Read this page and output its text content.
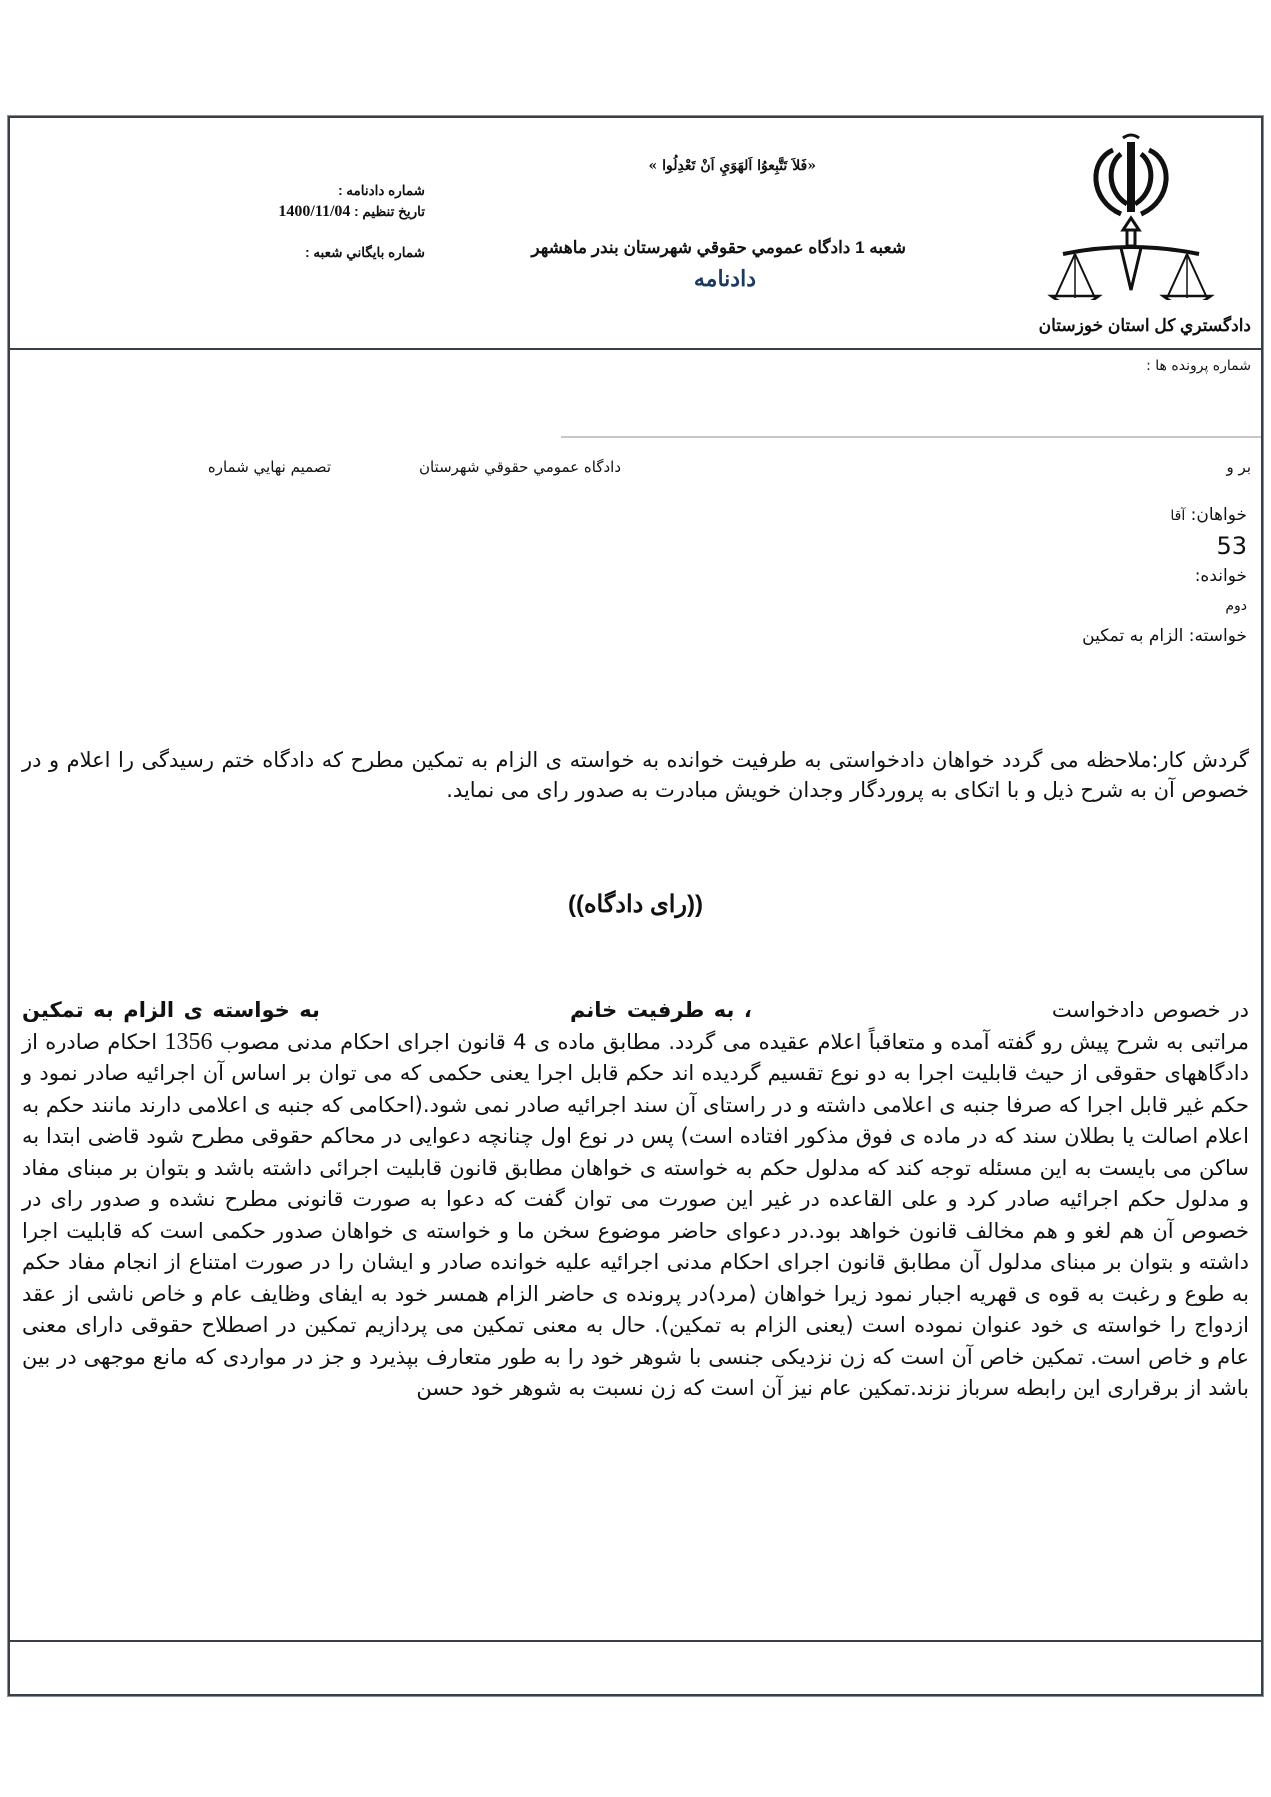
دادگستري كل استان خوزستان
«فَلاَ تَتَّبِعوُا اَلهَوَيِ اَنْ تَعْدِلُوا »
شعبه 1 دادگاه عمومي حقوقي شهرستان بندر ماهشهر
دادنامه
شماره دادنامه :
تاريخ تنظيم : 1400/11/04
شماره بايگاني شعبه :
شماره پرونده ها :
بر و
دادگاه عمومي حقوقي شهرستان
تصميم نهايي شماره
خواهان: آقا
53
خوانده:
دوم
خواسته: الزام به تمكين
گردش کار:ملاحظه می گردد خواهان دادخواستی به طرفیت خوانده به خواسته ی الزام به تمکین مطرح که دادگاه ختم رسیدگی را اعلام و در خصوص آن به شرح ذیل و با اتکای به پروردگار وجدان خویش مبادرت به صدور رای می نماید.
((رای دادگاه))
در خصوص دادخواست، به طرفیت خانمبه خواسته ی الزام به تمکین مراتبی به شرح پیش رو گفته آمده و متعاقباً اعلام عقیده می گردد. مطابق ماده ی 4 قانون اجرای احکام مدنی مصوب 1356 احکام صادره از دادگاههای حقوقی از حیث قابلیت اجرا به دو نوع تقسیم گردیده اند حکم قابل اجرا یعنی حکمی که می توان بر اساس آن اجرائیه صادر نمود و حکم غیر قابل اجرا که صرفا جنبه ی اعلامی داشته و در راستای آن سند اجرائیه صادر نمی شود.(احکامی که جنبه ی اعلامی دارند مانند حکم به اعلام اصالت یا بطلان سند که در ماده ی فوق مذکور افتاده است) پس در نوع اول چنانچه دعوایی در محاکم حقوقی مطرح شود قاضی ابتدا به ساکن می بایست به این مسئله توجه کند که مدلول حکم به خواسته ی خواهان مطابق قانون قابلیت اجرائی داشته باشد و بتوان بر مبنای مفاد و مدلول حکم اجرائیه صادر کرد و علی القاعده در غیر این صورت می توان گفت که دعوا به صورت قانونی مطرح نشده و صدور رای در خصوص آن هم لغو و هم مخالف قانون خواهد بود.در دعوای حاضر موضوع سخن ما و خواسته ی خواهان صدور حکمی است که قابلیت اجرا داشته و بتوان بر مبنای مدلول آن مطابق قانون اجرای احکام مدنی اجرائیه علیه خوانده صادر و ایشان را در صورت امتناع از انجام مفاد حکم به طوع و رغبت به قوه ی قهریه اجبار نمود زیرا خواهان (مرد)در پرونده ی حاضر الزام همسر خود به ایفای وظایف عام و خاص ناشی از عقد ازدواج را خواسته ی خود عنوان نموده است (یعنی الزام به تمکین). حال به معنی تمکین می پردازیم تمکین در اصطلاح حقوقی دارای معنی عام و خاص است. تمکین خاص آن است که زن نزدیکی جنسی با شوهر خود را به طور متعارف بپذیرد و جز در مواردی که مانع موجهی در بین باشد از برقراری این رابطه سرباز نزند.تمکین عام نیز آن است که زن نسبت به شوهر خود حسن
